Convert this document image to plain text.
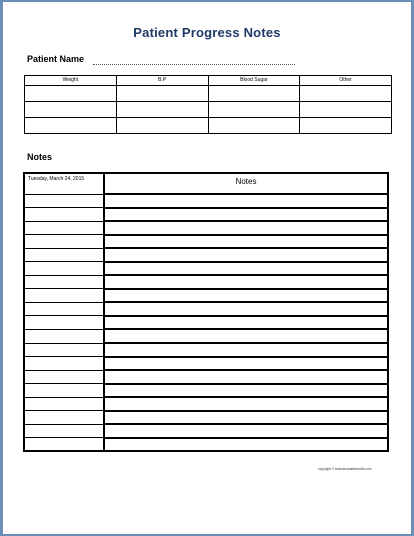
Patient Progress Notes
Patient Name
Weight	B.P	Blood Sugar	Other

Notes
Tuesday, March 24, 2015	Notes

copyright © www.templatebundle.com
